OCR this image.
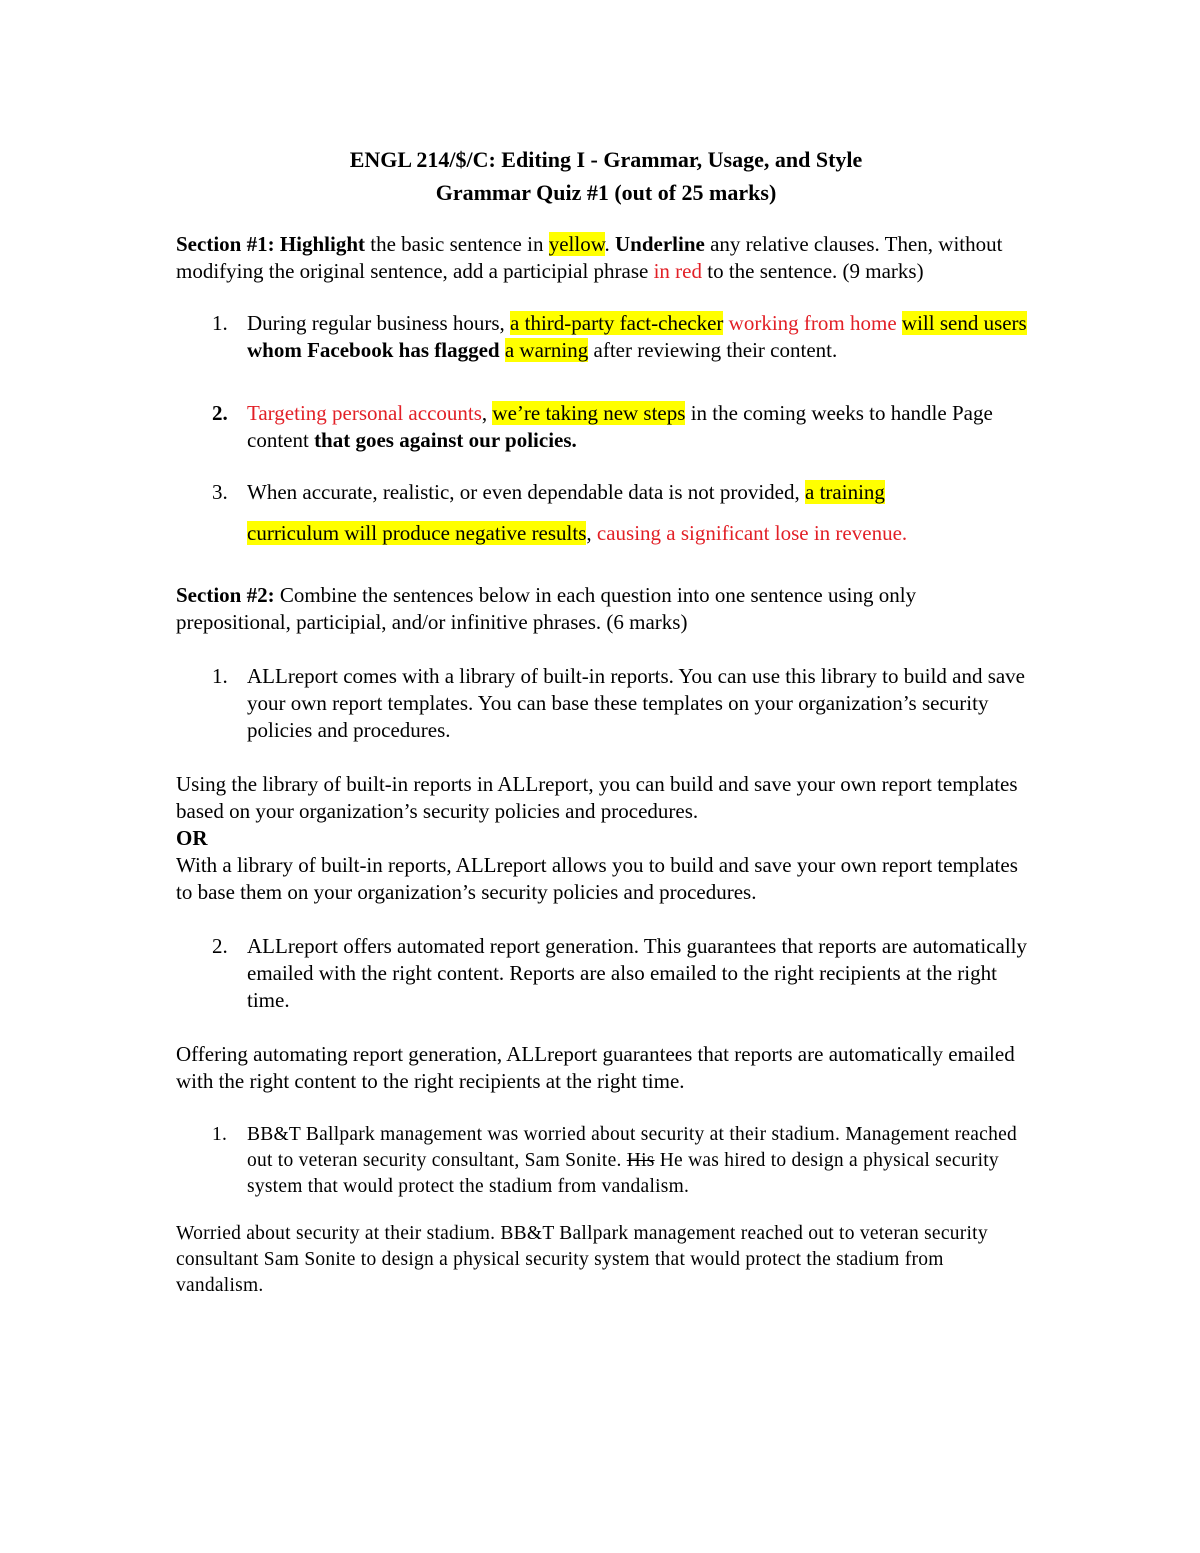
ENGL 214/$/C: Editing I - Grammar, Usage, and Style

Grammar Quiz #1 (out of 25 marks)

Section #1: Highlight the basic sentence in yellow. Underline any relative clauses. Then, without modifying the original sentence, add a participial phrase in red to the sentence. (9 marks)

1. During regular business hours, a third-party fact-checker working from home will send users whom Facebook has flagged a warning after reviewing their content.
2. Targeting personal accounts, we’re taking new steps in the coming weeks to handle Page content that goes against our policies.
3. When accurate, realistic, or even dependable data is not provided, a training
curriculum will produce negative results, causing a significant lose in revenue.

Section #2: Combine the sentences below in each question into one sentence using only prepositional, participial, and/or infinitive phrases. (6 marks)

1. ALLreport comes with a library of built-in reports. You can use this library to build and save your own report templates. You can base these templates on your organization’s security policies and procedures.

Using the library of built-in reports in ALLreport, you can build and save your own report templates based on your organization’s security policies and procedures.

OR

With a library of built-in reports, ALLreport allows you to build and save your own report templates to base them on your organization’s security policies and procedures.

2. ALLreport offers automated report generation. This guarantees that reports are automatically emailed with the right content. Reports are also emailed to the right recipients at the right time.

Offering automating report generation, ALLreport guarantees that reports are automatically emailed with the right content to the right recipients at the right time.

1. BB&T Ballpark management was worried about security at their stadium. Management reached out to veteran security consultant, Sam Sonite. His He was hired to design a physical security system that would protect the stadium from vandalism.

Worried about security at their stadium. BB&T Ballpark management reached out to veteran security consultant Sam Sonite to design a physical security system that would protect the stadium from vandalism.
